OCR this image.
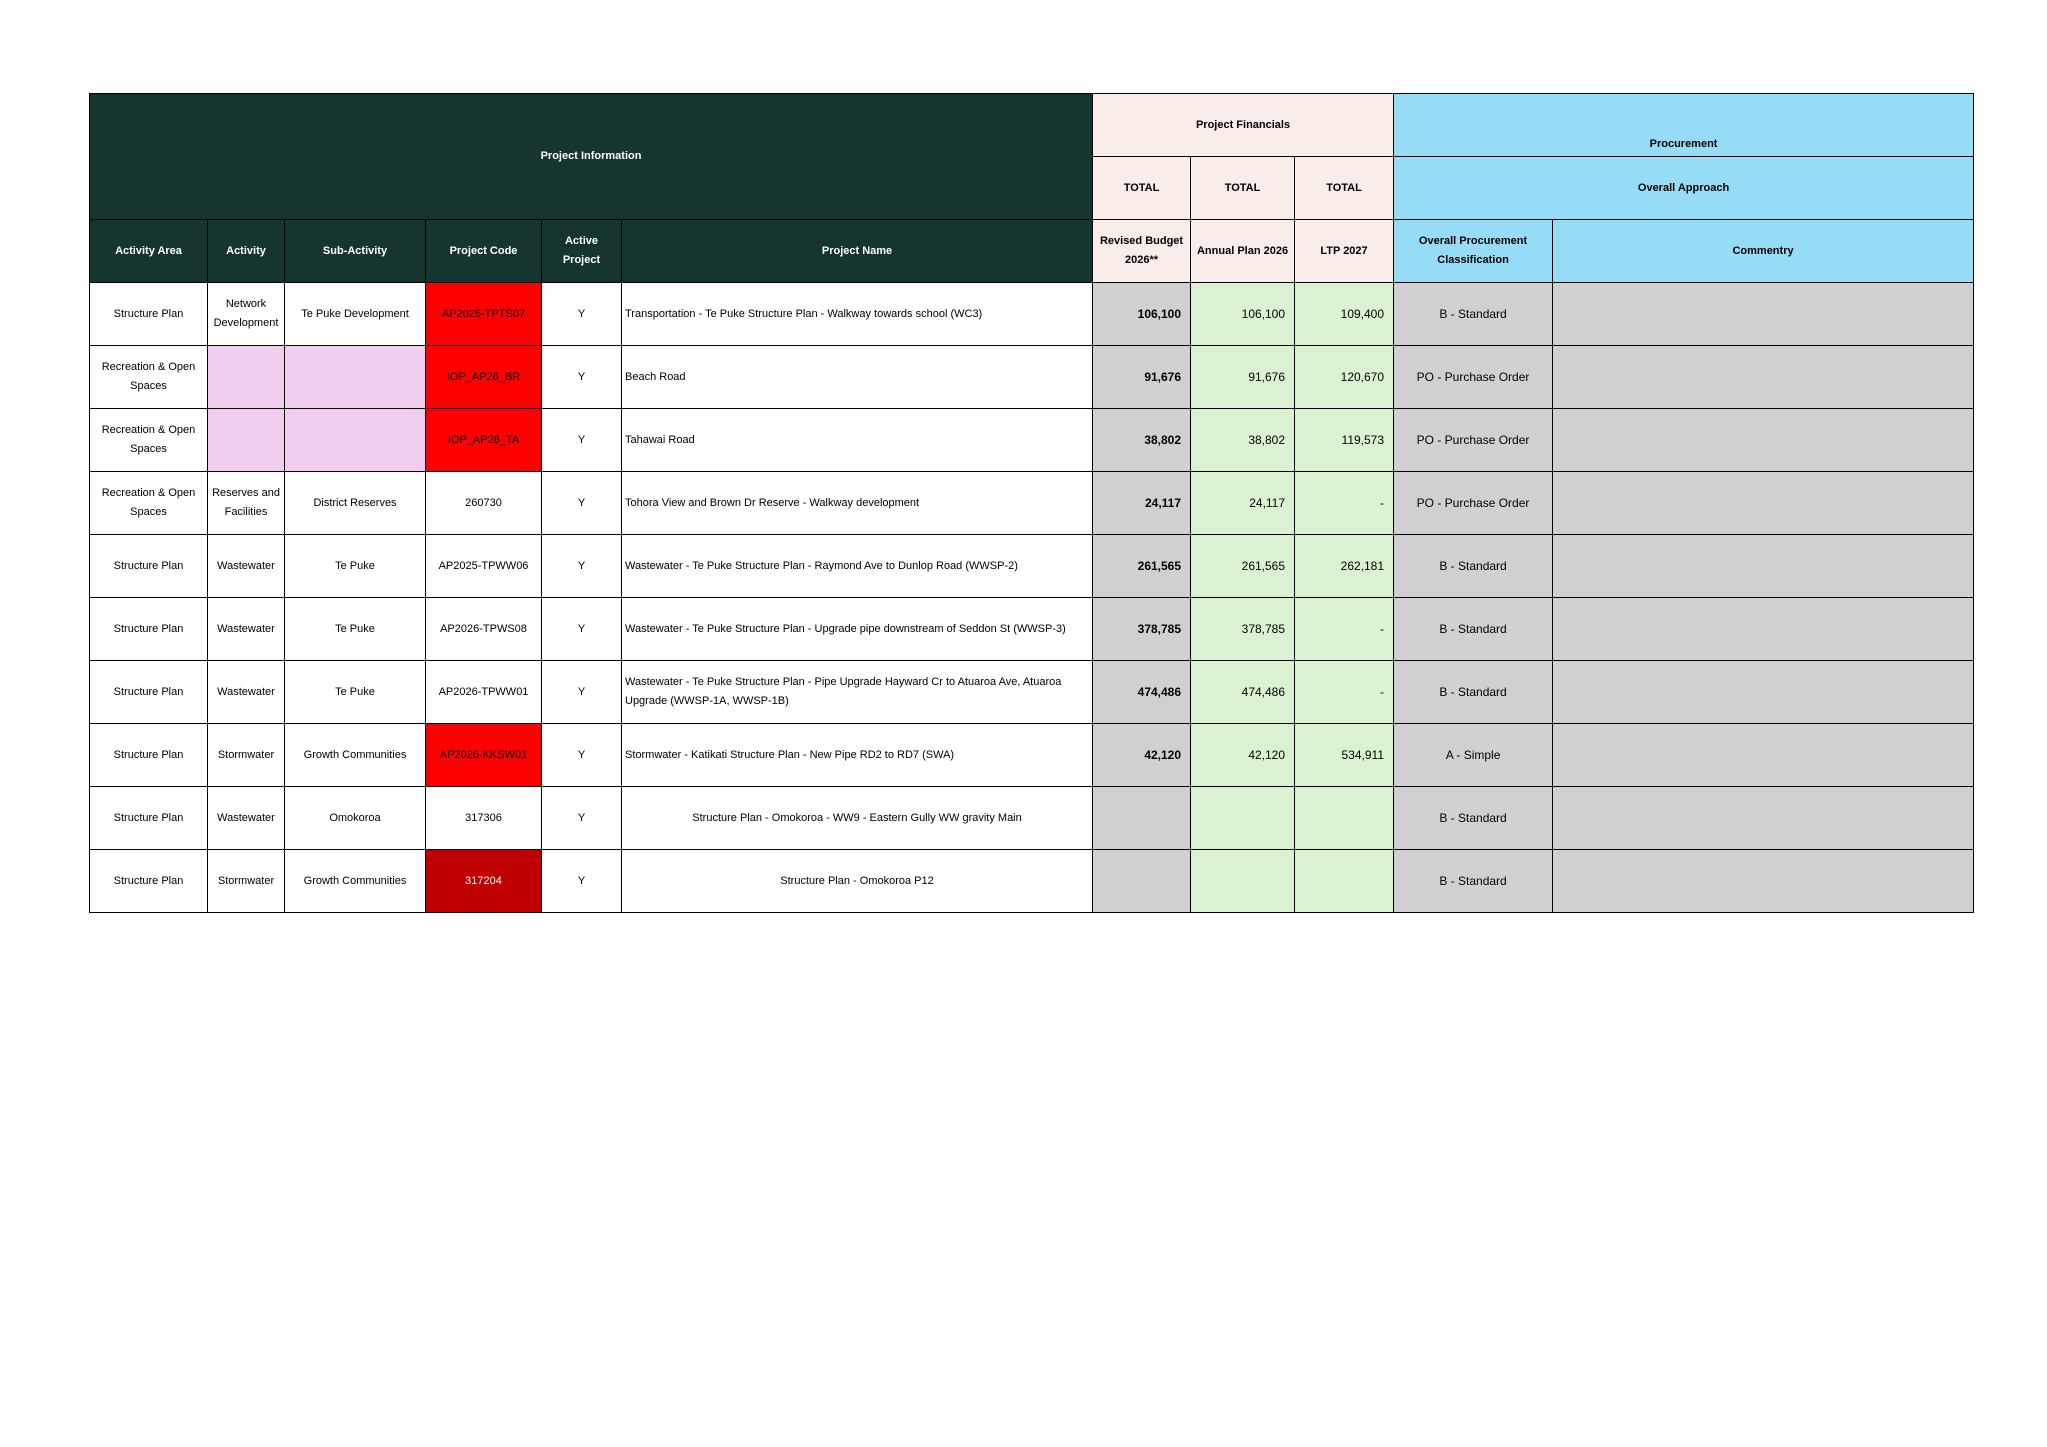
Project Information						Project Financials			Procurement	
						TOTAL	TOTAL	TOTAL	Overall Approach	
Activity Area	Activity	Sub-Activity	Project Code	Active Project	Project Name	Revised Budget 2026**	Annual Plan 2026	LTP 2027	Overall Procurement Classification	Commentry
Structure Plan	Network Development	Te Puke Development	AP2026-TPTS07	Y	Transportation - Te Puke Structure Plan - Walkway towards school (WC3)	106,100	106,100	109,400	B - Standard	
Recreation & Open Spaces			IOP_AP26_BR	Y	Beach Road	91,676	91,676	120,670	PO - Purchase Order	
Recreation & Open Spaces			IOP_AP26_TA	Y	Tahawai Road	38,802	38,802	119,573	PO - Purchase Order	
Recreation & Open Spaces	Reserves and Facilities	District Reserves	260730	Y	Tohora View and Brown Dr Reserve - Walkway development	24,117	24,117	-	PO - Purchase Order	
Structure Plan	Wastewater	Te Puke	AP2025-TPWW06	Y	Wastewater - Te Puke Structure Plan - Raymond Ave to Dunlop Road (WWSP-2)	261,565	261,565	262,181	B - Standard	
Structure Plan	Wastewater	Te Puke	AP2026-TPWS08	Y	Wastewater - Te Puke Structure Plan - Upgrade pipe downstream of Seddon St (WWSP-3)	378,785	378,785	-	B - Standard	
Structure Plan	Wastewater	Te Puke	AP2026-TPWW01	Y	Wastewater - Te Puke Structure Plan - Pipe Upgrade Hayward Cr to Atuaroa Ave, Atuaroa Upgrade (WWSP-1A, WWSP-1B)	474,486	474,486	-	B - Standard	
Structure Plan	Stormwater	Growth Communities	AP2026-KKSW01	Y	Stormwater - Katikati Structure Plan - New Pipe RD2 to RD7 (SWA)	42,120	42,120	534,911	A - Simple	
Structure Plan	Wastewater	Omokoroa	317306	Y	Structure Plan - Omokoroa - WW9 - Eastern Gully WW gravity Main				B - Standard	
Structure Plan	Stormwater	Growth Communities	317204	Y	Structure Plan - Omokoroa P12				B - Standard	
